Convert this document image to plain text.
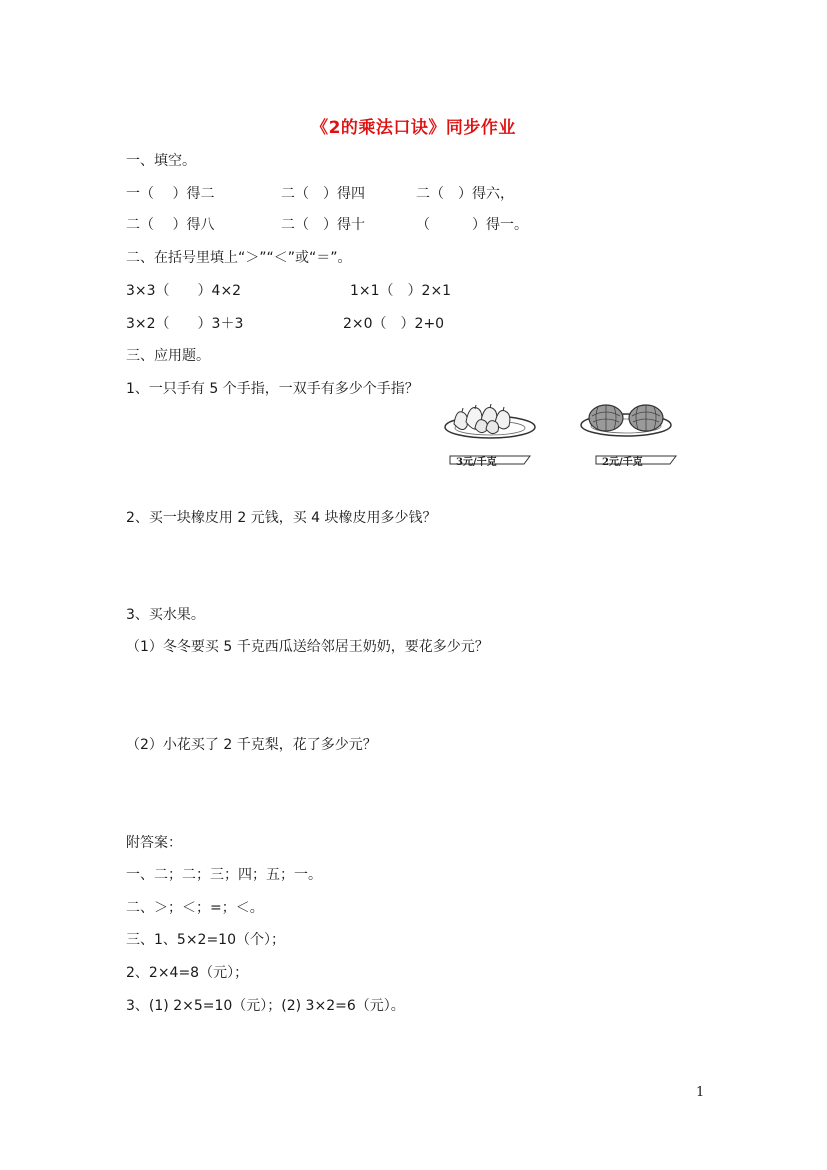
《2的乘法口诀》同步作业
一、填空。
一（　 ）得二	二（　）得四	二（　）得六，
二（　 ）得八	二（　）得十	（　　　）得一。
二、在括号里填上“＞”“＜”或“＝”。
3×3（　　）4×2	1×1（　）2×1
3×2（　　）3＋3	2×0（　）2+0
三、应用题。
1、一只手有 5 个手指，一双手有多少个手指？
3元/千克	2元/千克
2、买一块橡皮用 2 元钱，买 4 块橡皮用多少钱？
3、买水果。
（1）冬冬要买 5 千克西瓜送给邻居王奶奶，要花多少元？
（2）小花买了 2 千克梨，花了多少元？
附答案：
一、二；二；三；四；五；一。
二、＞；＜；=；＜。
三、1、5×2=10（个）；
2、2×4=8（元）；
3、(1) 2×5=10（元）；(2) 3×2=6（元）。
1
